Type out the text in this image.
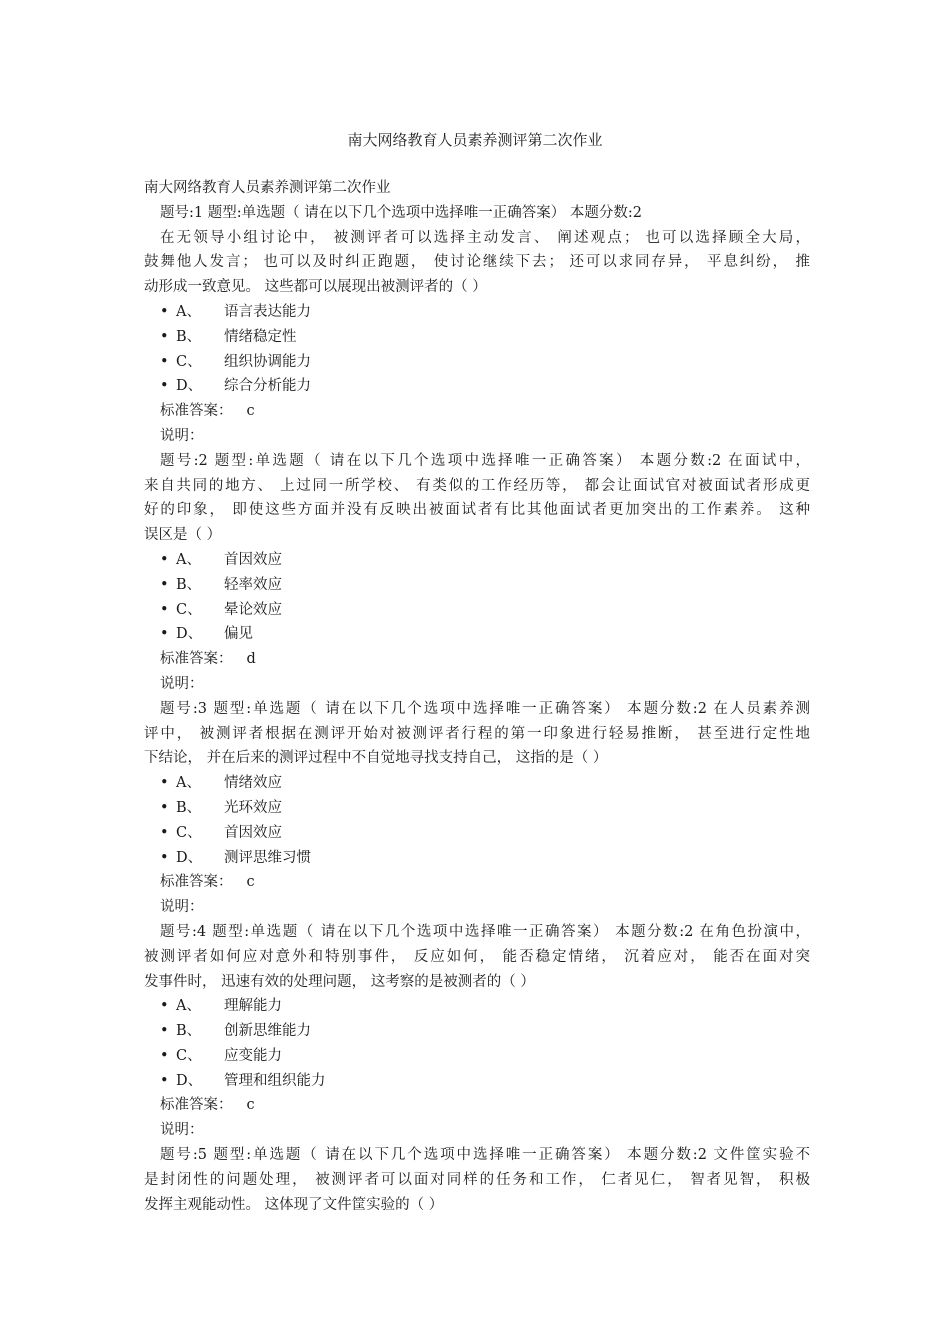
南大网络教育人员素养测评第二次作业
南大网络教育人员素养测评第二次作业
题号:1 题型:单选题（ 请在以下几个选项中选择唯一正确答案） 本题分数:2
在无领导小组讨论中， 被测评者可以选择主动发言、 阐述观点； 也可以选择顾全大局，
鼓舞他人发言； 也可以及时纠正跑题， 使讨论继续下去； 还可以求同存异， 平息纠纷， 推
动形成一致意见。 这些都可以展现出被测评者的（ ）
• A、	语言表达能力
• B、	情绪稳定性
• C、	组织协调能力
• D、	综合分析能力
标准答案： c
说明：
题号:2 题型:单选题（ 请在以下几个选项中选择唯一正确答案） 本题分数:2 在面试中，
来自共同的地方、 上过同一所学校、 有类似的工作经历等， 都会让面试官对被面试者形成更
好的印象， 即使这些方面并没有反映出被面试者有比其他面试者更加突出的工作素养。 这种
误区是（ ）
• A、	首因效应
• B、	轻率效应
• C、	晕论效应
• D、	偏见
标准答案： d
说明：
题号:3 题型:单选题（ 请在以下几个选项中选择唯一正确答案） 本题分数:2 在人员素养测
评中， 被测评者根据在测评开始对被测评者行程的第一印象进行轻易推断， 甚至进行定性地
下结论， 并在后来的测评过程中不自觉地寻找支持自己， 这指的是（ ）
• A、	情绪效应
• B、	光环效应
• C、	首因效应
• D、	测评思维习惯
标准答案： c
说明：
题号:4 题型:单选题（ 请在以下几个选项中选择唯一正确答案） 本题分数:2 在角色扮演中，
被测评者如何应对意外和特别事件， 反应如何， 能否稳定情绪， 沉着应对， 能否在面对突
发事件时， 迅速有效的处理问题， 这考察的是被测者的（ ）
• A、	理解能力
• B、	创新思维能力
• C、	应变能力
• D、	管理和组织能力
标准答案： c
说明：
题号:5 题型:单选题（ 请在以下几个选项中选择唯一正确答案） 本题分数:2 文件筐实验不
是封闭性的问题处理， 被测评者可以面对同样的任务和工作， 仁者见仁， 智者见智， 积极
发挥主观能动性。 这体现了文件筐实验的（ ）
